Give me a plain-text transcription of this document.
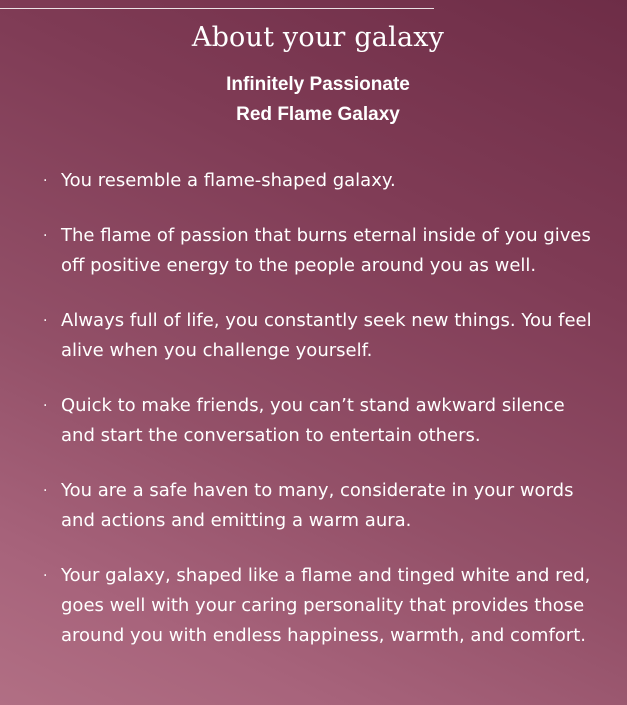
About your galaxy
Infinitely Passionate
Red Flame Galaxy
· You resemble a flame-shaped galaxy.
· The flame of passion that burns eternal inside of you gives off positive energy to the people around you as well.
· Always full of life, you constantly seek new things. You feel alive when you challenge yourself.
· Quick to make friends, you can’t stand awkward silence and start the conversation to entertain others.
· You are a safe haven to many, considerate in your words and actions and emitting a warm aura.
· Your galaxy, shaped like a flame and tinged white and red, goes well with your caring personality that provides those around you with endless happiness, warmth, and comfort.
